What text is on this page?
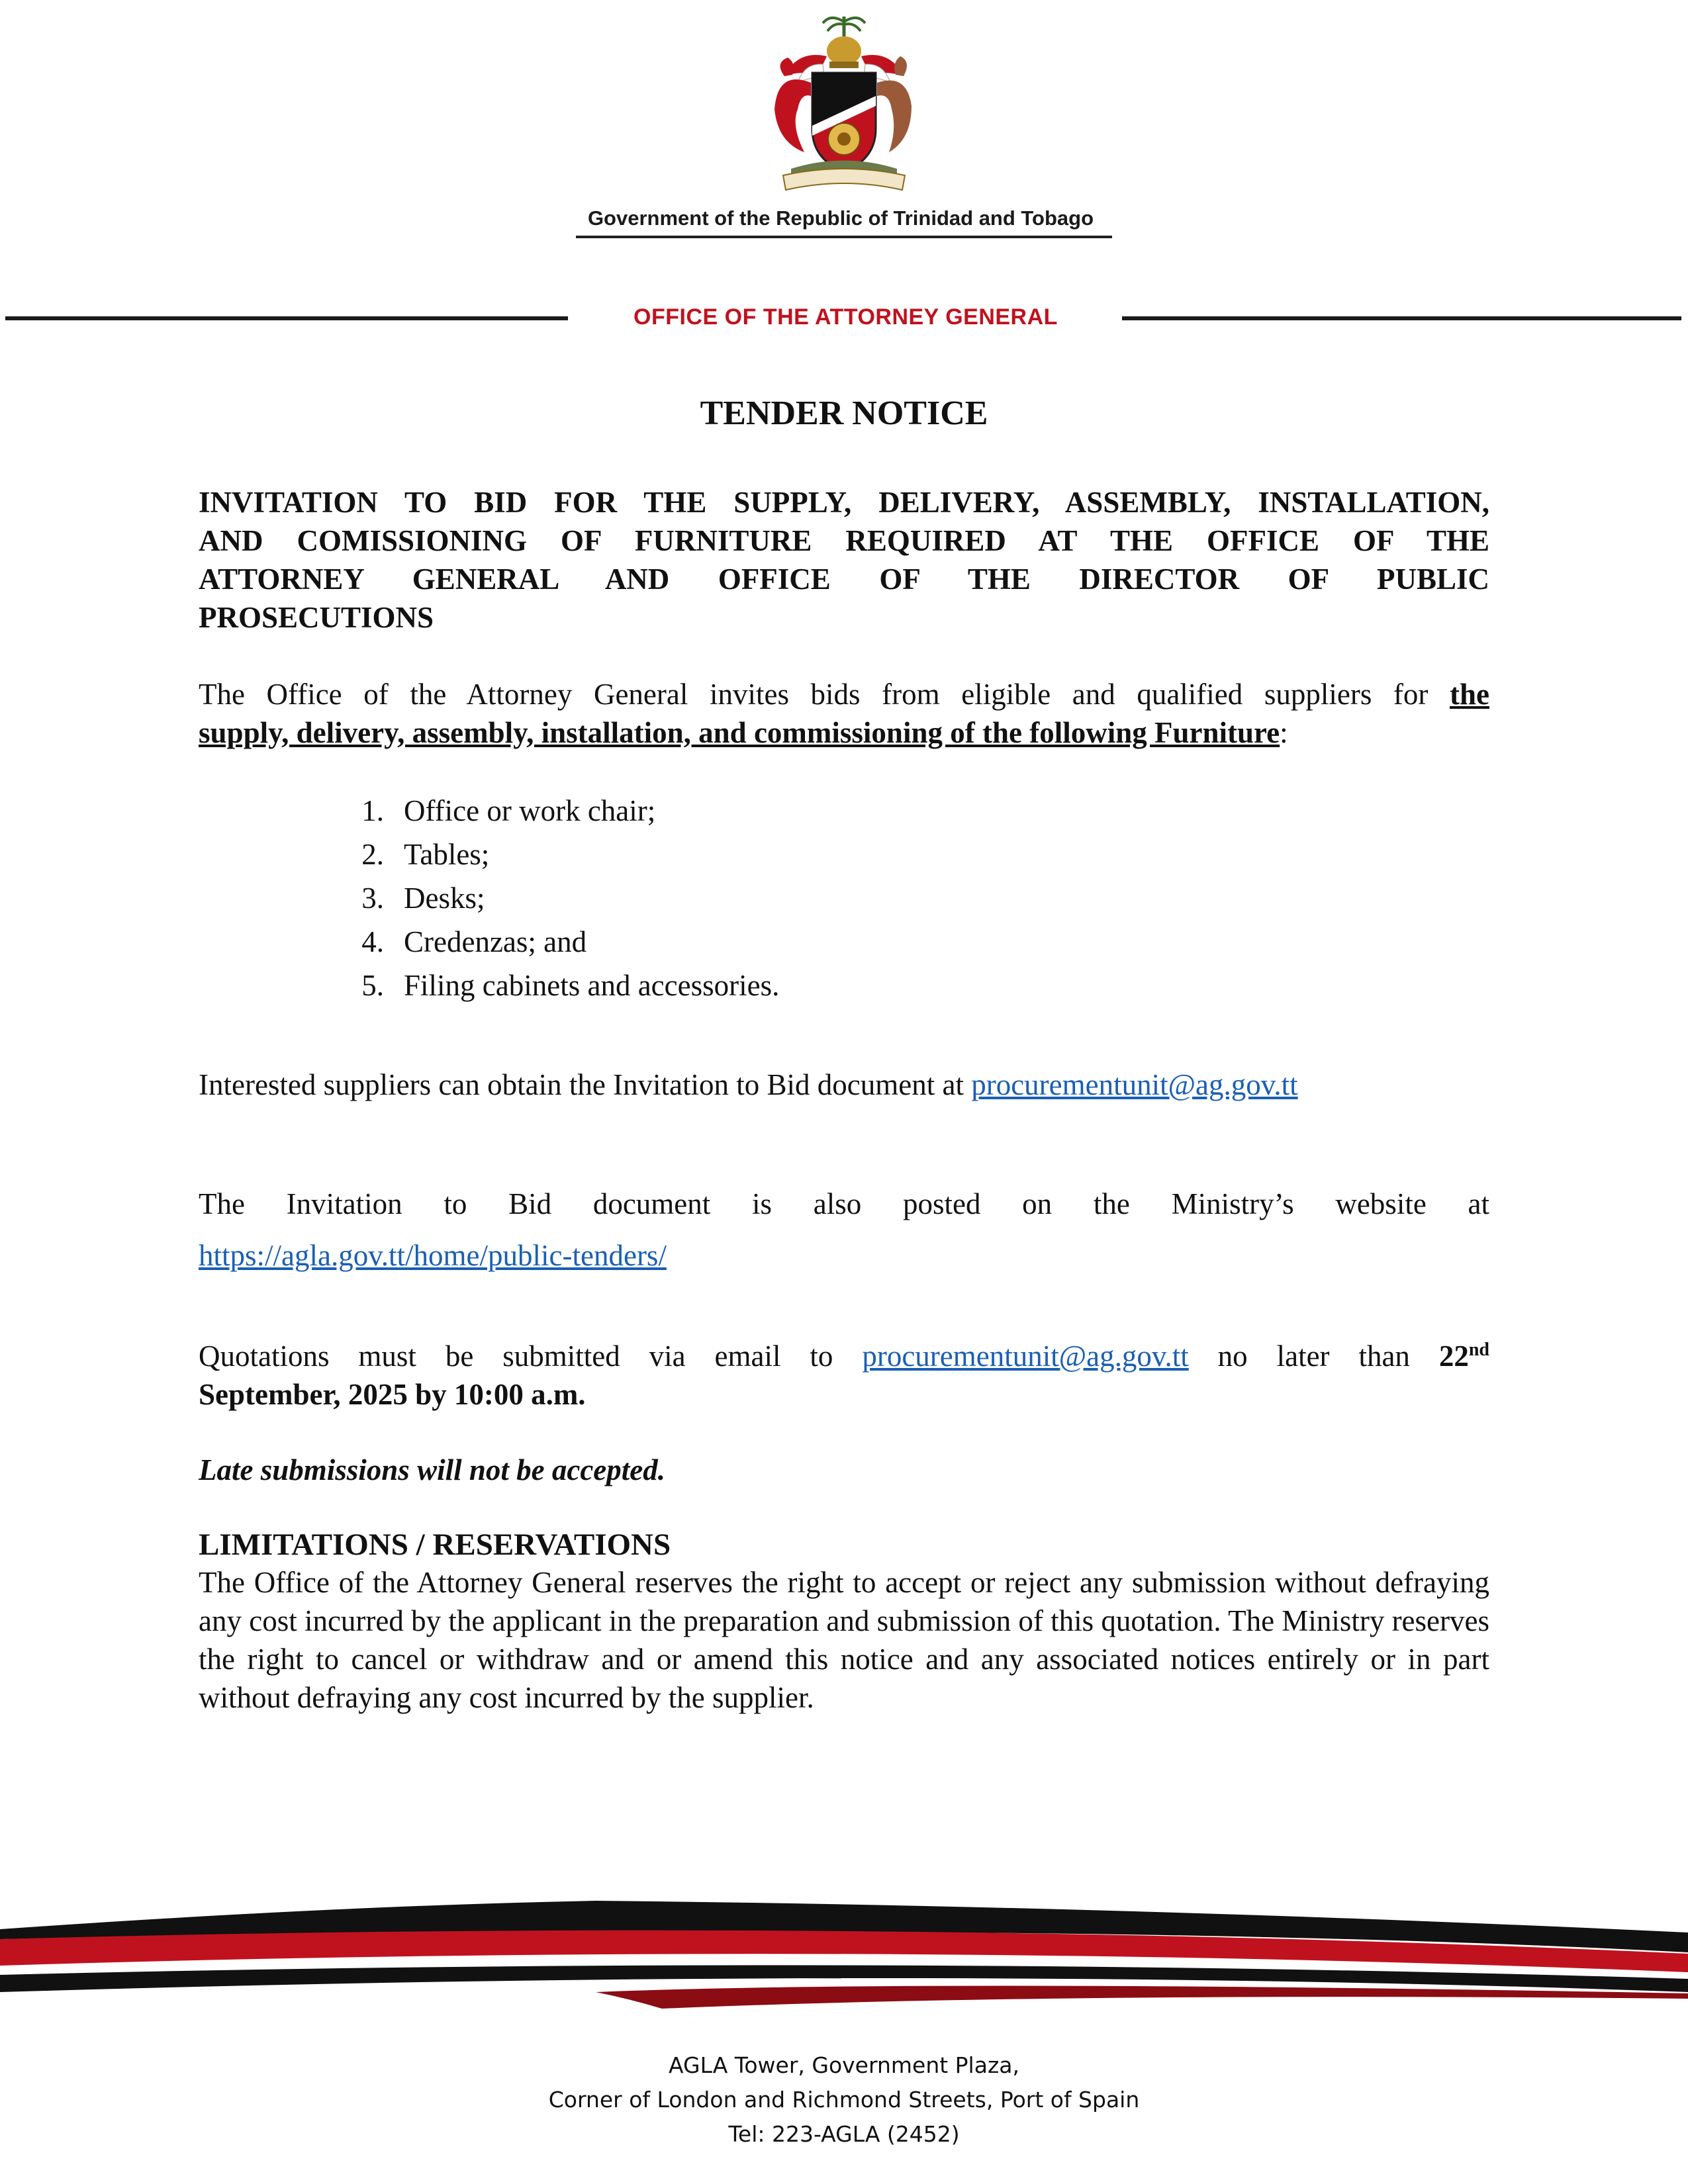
Government of the Republic of Trinidad and Tobago
OFFICE OF THE ATTORNEY GENERAL
TENDER NOTICE
INVITATION TO BID FOR THE SUPPLY, DELIVERY, ASSEMBLY, INSTALLATION,
AND COMISSIONING OF FURNITURE REQUIRED AT THE OFFICE OF THE
ATTORNEY GENERAL AND OFFICE OF THE DIRECTOR OF PUBLIC
PROSECUTIONS
The Office of the Attorney General invites bids from eligible and qualified suppliers for the
supply, delivery, assembly, installation, and commissioning of the following Furniture:
1. Office or work chair;
2. Tables;
3. Desks;
4. Credenzas; and
5. Filing cabinets and accessories.
Interested suppliers can obtain the Invitation to Bid document at procurementunit@ag.gov.tt
The Invitation to Bid document is also posted on the Ministry’s website at
https://agla.gov.tt/home/public-tenders/
Quotations must be submitted via email to procurementunit@ag.gov.tt no later than 22nd
September, 2025 by 10:00 a.m.
Late submissions will not be accepted.
LIMITATIONS / RESERVATIONS
The Office of the Attorney General reserves the right to accept or reject any submission without defraying any cost incurred by the applicant in the preparation and submission of this quotation. The Ministry reserves the right to cancel or withdraw and or amend this notice and any associated notices entirely or in part without defraying any cost incurred by the supplier.
AGLA Tower, Government Plaza,
Corner of London and Richmond Streets, Port of Spain
Tel: 223-AGLA (2452)
